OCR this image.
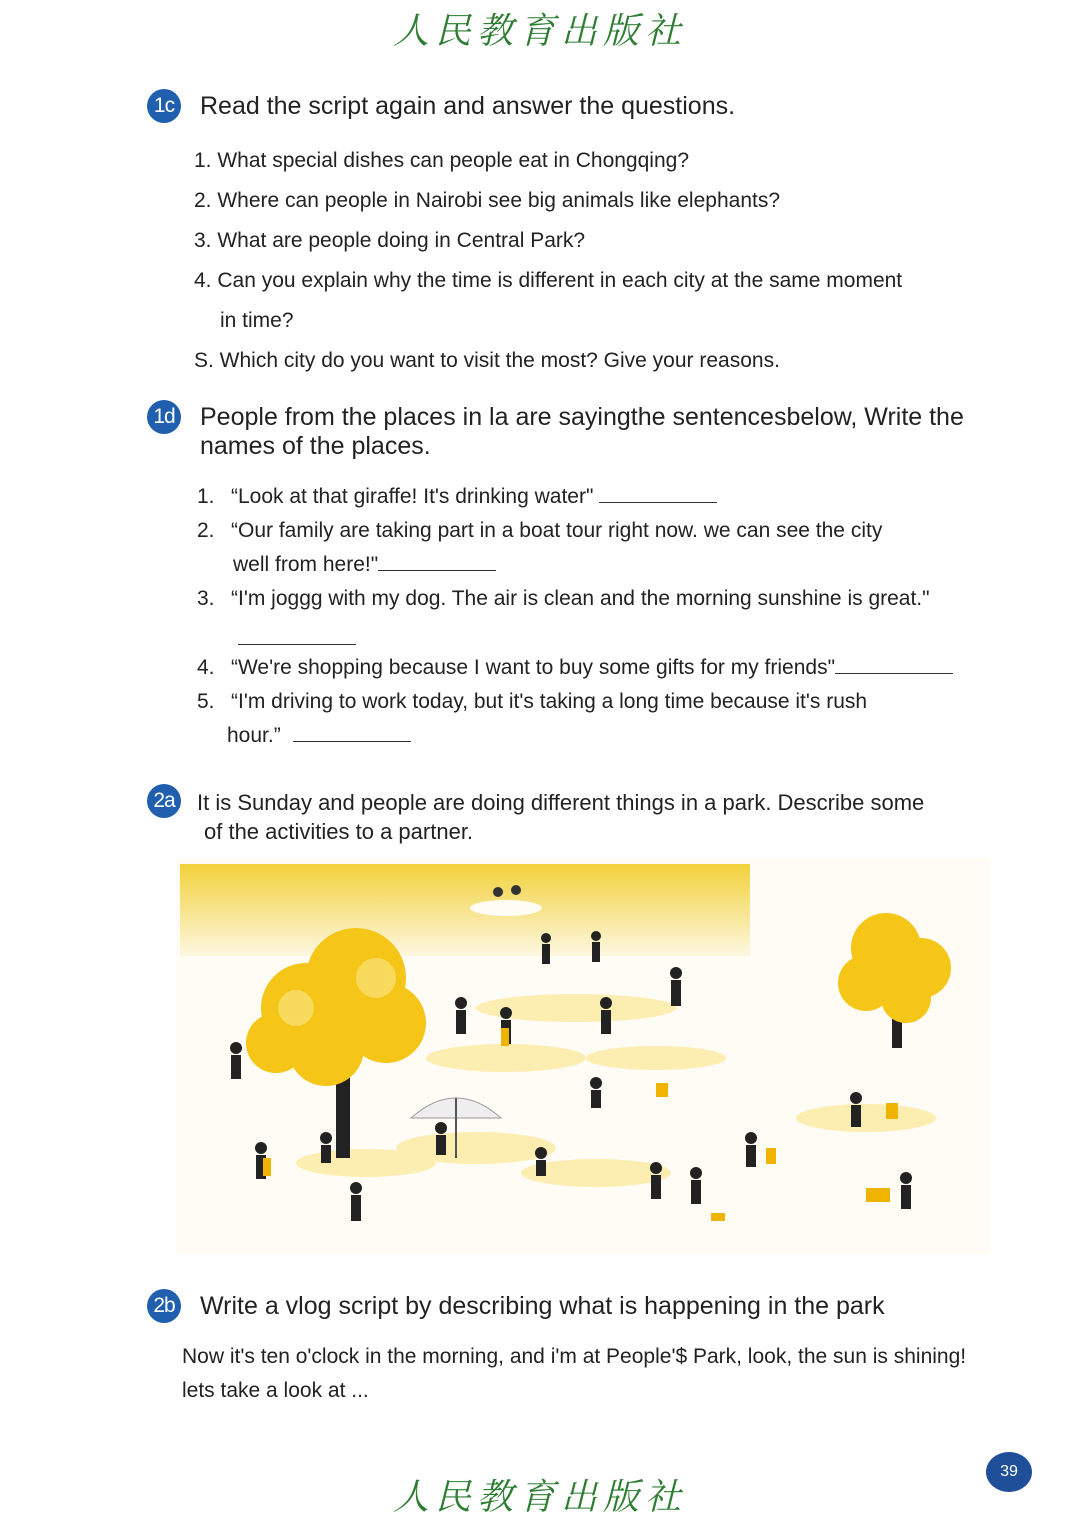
人民教育出版社
1c Read the script again and answer the questions.
1. What special dishes can people eat in Chongqing?
2. Where can people in Nairobi see big animals like elephants?
3. What are people doing in Central Park?
4. Can you explain why the time is different in each city at the same moment
in time?
S. Which city do you want to visit the most? Give your reasons.
1d People from the places in la are sayingthe sentencesbelow, Write the
names of the places.
1. “Look at that giraffe! It's drinking water"
2. “Our family are taking part in a boat tour right now. we can see the city
well from here!"
3. “I'm joggg with my dog. The air is clean and the morning sunshine is great."
4. “We're shopping because I want to buy some gifts for my friends"
5. “I'm driving to work today, but it's taking a long time because it's rush
hour.”
2a It is Sunday and people are doing different things in a park. Describe some
of the activities to a partner.
2b Write a vlog script by describing what is happening in the park
Now it's ten o'clock in the morning, and i'm at People'$ Park, look, the sun is shining!
lets take a look at ...
39
人民教育出版社
